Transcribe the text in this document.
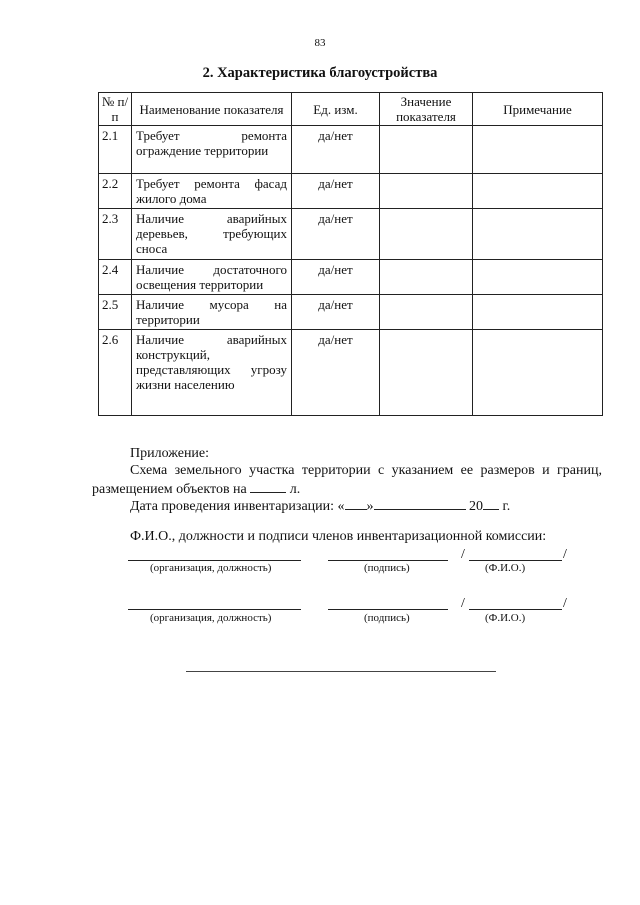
83
2. Характеристика благоустройства
№ п/п	Наименование показателя	Ед. изм.	Значение показателя	Примечание
2.1	Требует ремонта ограждение территории	да/нет		
2.2	Требует ремонта фасад жилого дома	да/нет		
2.3	Наличие аварийных деревьев, требующих сноса	да/нет		
2.4	Наличие достаточного освещения территории	да/нет		
2.5	Наличие мусора на территории	да/нет		
2.6	Наличие аварийных конструкций, представляющих угрозу жизни населению	да/нет		
Приложение:
Схема земельного участка территории с указанием ее размеров и границ, размещением объектов на	л.
Дата проведения инвентаризации: « »	20 г.
Ф.И.О., должности и подписи членов инвентаризационной комиссии:
/	/
(организация, должность)	(подпись)	(Ф.И.О.)
/	/
(организация, должность)	(подпись)	(Ф.И.О.)
